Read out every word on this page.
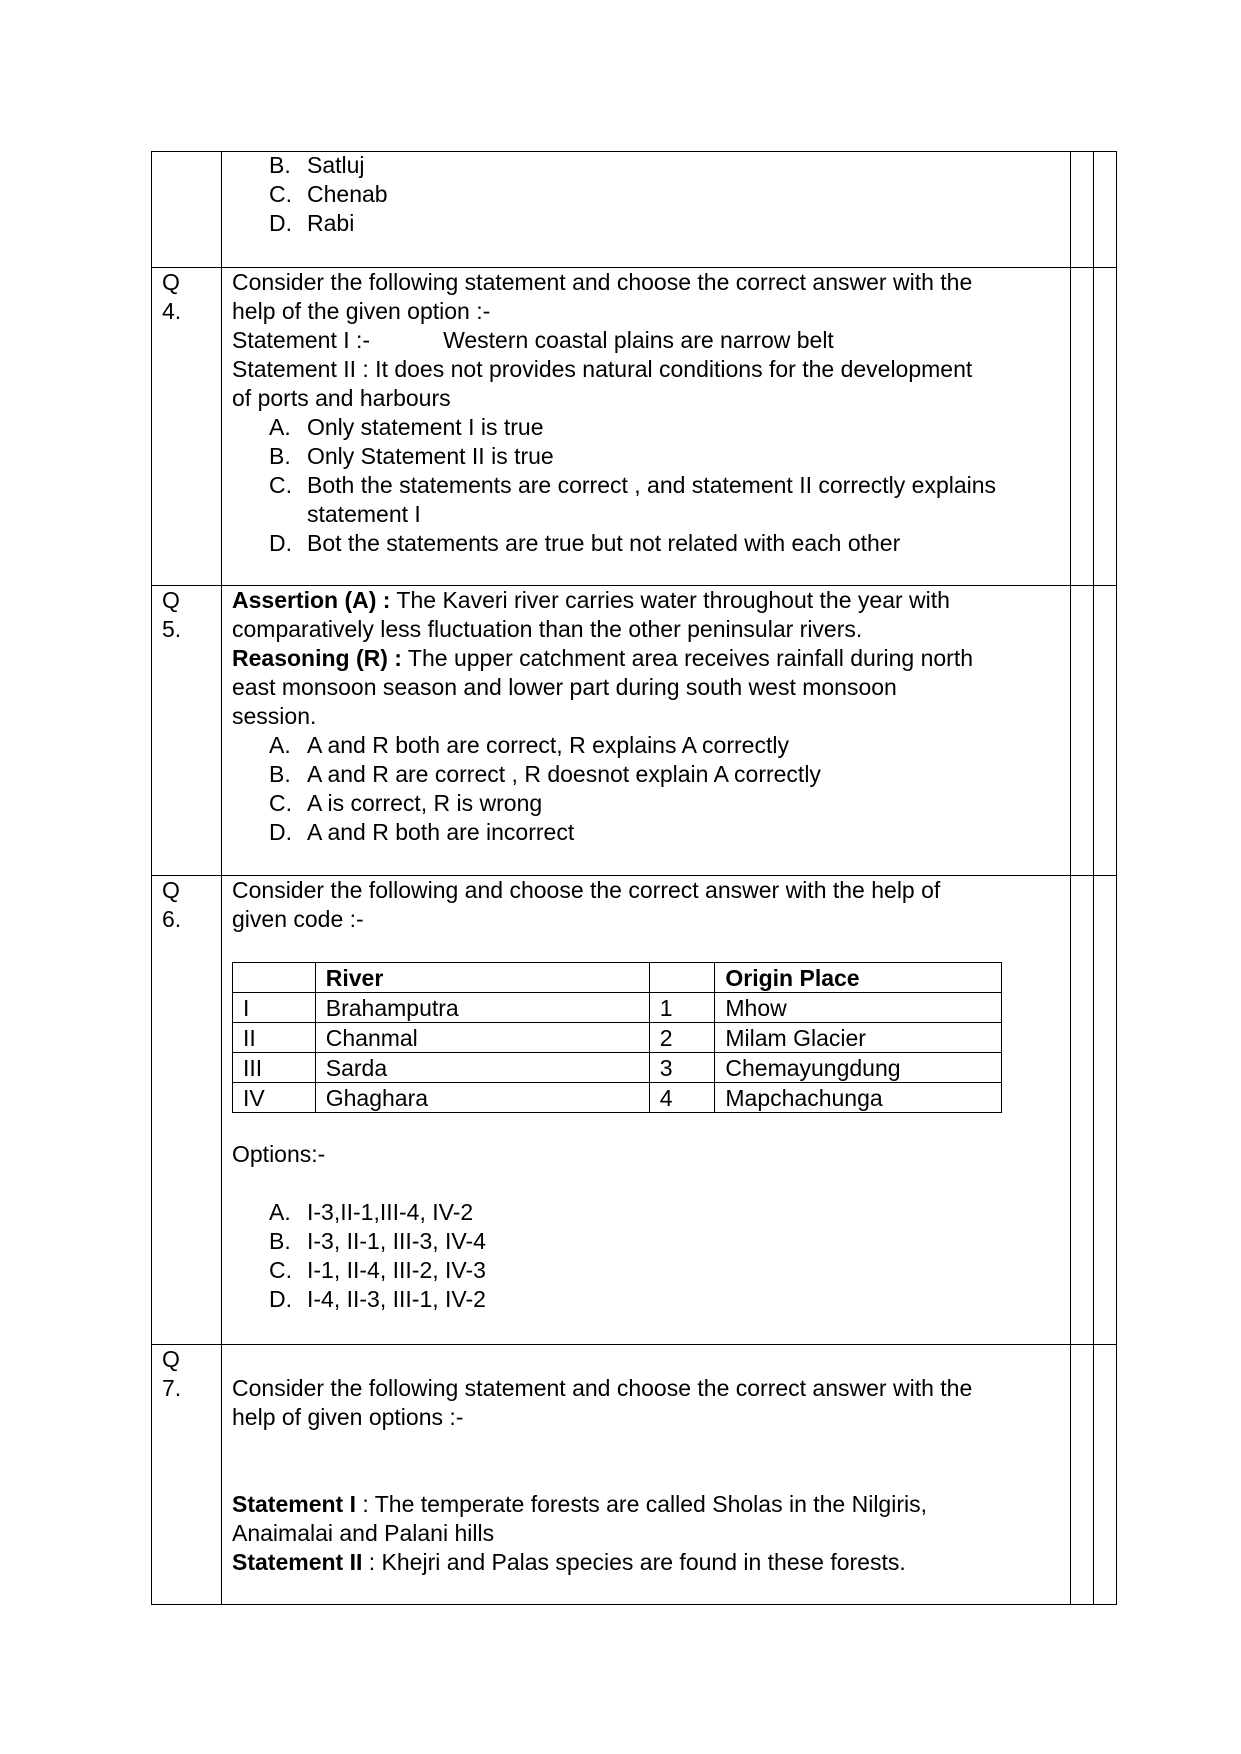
B. Satluj
C. Chenab
D. Rabi

Q
4.

Consider the following statement and choose the correct answer with the
help of the given option :-
Statement I :-	Western coastal plains are narrow belt
Statement II : It does not provides natural conditions for the development
of ports and harbours
A. Only statement I is true
B. Only Statement II is true
C. Both the statements are correct , and statement II correctly explains statement I
D. Bot the statements are true but not related with each other

Q
5.

Assertion (A) : The Kaveri river carries water throughout the year with
comparatively less fluctuation than the other peninsular rivers.
Reasoning (R) : The upper catchment area receives rainfall during north
east monsoon season and lower part during south west monsoon
session.
A. A and R both are correct, R explains A correctly
B. A and R are correct , R doesnot explain A correctly
C. A is correct, R is wrong
D. A and R both are incorrect

Q
6.

Consider the following and choose the correct answer with the help of
given code :-
	River		Origin Place
I	Brahamputra	1	Mhow
II	Chanmal	2	Milam Glacier
III	Sarda	3	Chemayungdung
IV	Ghaghara	4	Mapchachunga
Options:-
A. I-3,II-1,III-4, IV-2
B. I-3, II-1, III-3, IV-4
C. I-1, II-4, III-2, IV-3
D. I-4, II-3, III-1, IV-2

Q
7.	Consider the following statement and choose the correct answer with the
help of given options :-
Statement I : The temperate forests are called Sholas in the Nilgiris,
Anaimalai and Palani hills
Statement II : Khejri and Palas species are found in these forests.
